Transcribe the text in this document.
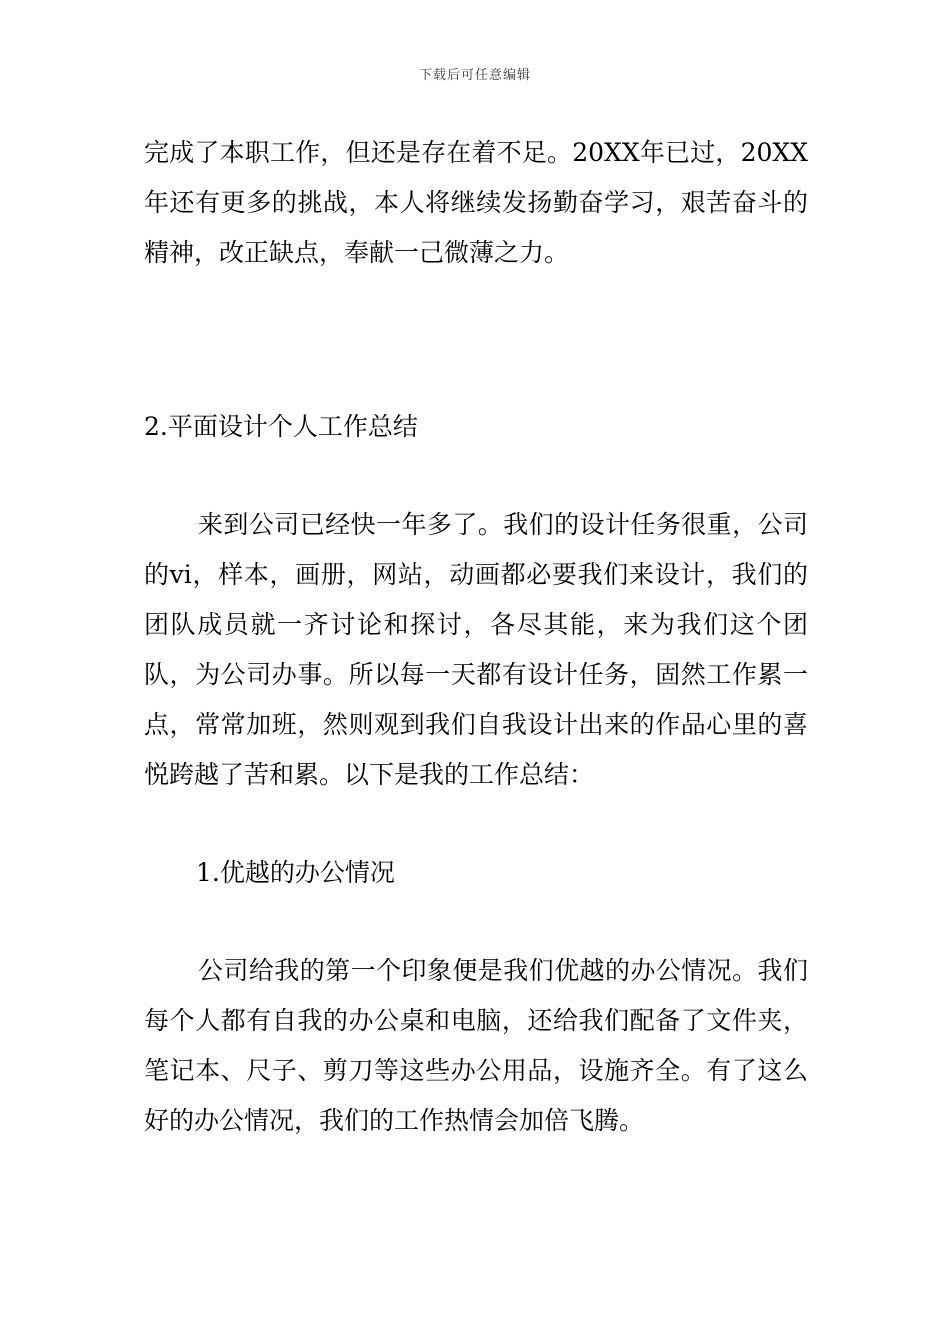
下载后可任意编辑

完成了本职工作，但还是存在着不足。20XX年已过，20XX年还有更多的挑战，本人将继续发扬勤奋学习，艰苦奋斗的精神，改正缺点，奉献一己微薄之力。

2.平面设计个人工作总结

来到公司已经快一年多了。我们的设计任务很重，公司的vi，样本，画册，网站，动画都必要我们来设计，我们的团队成员就一齐讨论和探讨，各尽其能，来为我们这个团队，为公司办事。所以每一天都有设计任务，固然工作累一点，常常加班，然则观到我们自我设计出来的作品心里的喜悦跨越了苦和累。以下是我的工作总结：

1.优越的办公情况

公司给我的第一个印象便是我们优越的办公情况。我们每个人都有自我的办公桌和电脑，还给我们配备了文件夹，笔记本、尺子、剪刀等这些办公用品，设施齐全。有了这么好的办公情况，我们的工作热情会加倍飞腾。
